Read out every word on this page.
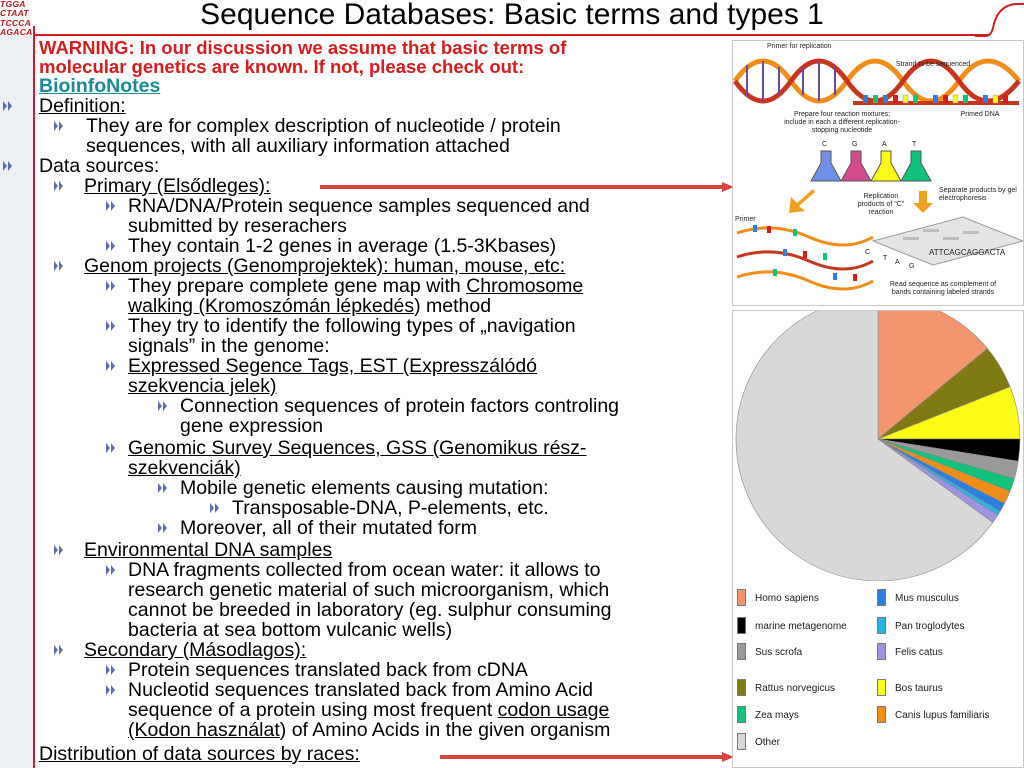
TGGA
CTAAT
TCCCA
AGACA
Sequence Databases: Basic terms and types 1
WARNING: In our discussion we assume that basic terms of
molecular genetics are known. If not, please check out:
BioinfoNotes
Definition:
They are for complex description of nucleotide / protein
sequences, with all auxiliary information attached
Data sources:
Primary (Elsődleges):
RNA/DNA/Protein sequence samples sequenced and
submitted by reserachers
They contain 1-2 genes in average (1.5-3Kbases)
Genom projects (Genomprojektek): human, mouse, etc:
They prepare complete gene map with Chromosome
walking (Kromoszómán lépkedés) method
They try to identify the following types of „navigation
signals” in the genome:
Expressed Segence Tags, EST (Expresszálódó
szekvencia jelek)
Connection sequences of protein factors controling
gene expression
Genomic Survey Sequences, GSS (Genomikus rész-
szekvenciák)
Mobile genetic elements causing mutation:
Transposable-DNA, P-elements, etc.
Moreover, all of their mutated form
Environmental DNA samples
DNA fragments collected from ocean water: it allows to
research genetic material of such microorganism, which
cannot be breeded in laboratory (eg. sulphur consuming
bacteria at sea bottom vulcanic wells)
Secondary (Másodlagos):
Protein sequences translated back from cDNA
Nucleotid sequences translated back from Amino Acid
sequence of a protein using most frequent codon usage
(Kodon használat) of Amino Acids in the given organism
Distribution of data sources by races:
Primer for replication
Strand to be sequenced
Prepare four reaction mixtures; include in each a different replication-stopping nucleotide
Primed DNA
C	G	A	T
Primer
Replication products of "C" reaction
Separate products by gel electrophoresis
C
T
A
G
ATTCAGCAGGACTA
Read sequence as complement of bands containing labeled strands
Homo sapiens	Mus musculus
marine metagenome	Pan troglodytes
Sus scrofa	Felis catus
Rattus norvegicus	Bos taurus
Zea mays	Canis lupus familiaris
Other
